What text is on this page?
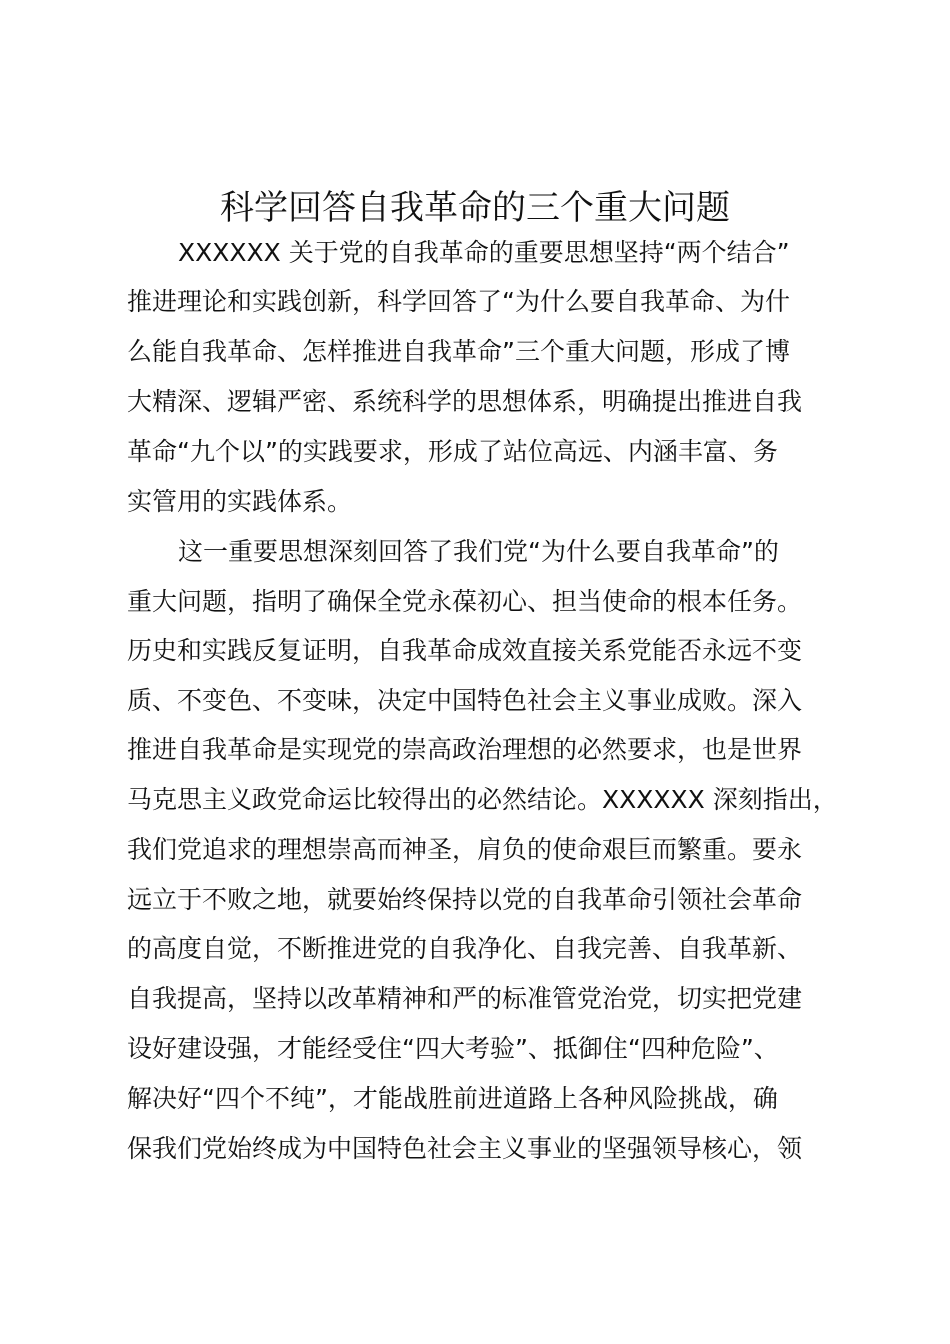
科学回答自我革命的三个重大问题

XXXXXX 关于党的自我革命的重要思想坚持“两个结合”

推进理论和实践创新，科学回答了“为什么要自我革命、为什

么能自我革命、怎样推进自我革命”三个重大问题，形成了博

大精深、逻辑严密、系统科学的思想体系，明确提出推进自我

革命“九个以”的实践要求，形成了站位高远、内涵丰富、务

实管用的实践体系。

这一重要思想深刻回答了我们党“为什么要自我革命”的

重大问题，指明了确保全党永葆初心、担当使命的根本任务。

历史和实践反复证明，自我革命成效直接关系党能否永远不变

质、不变色、不变味，决定中国特色社会主义事业成败。深入

推进自我革命是实现党的崇高政治理想的必然要求，也是世界

马克思主义政党命运比较得出的必然结论。XXXXXX 深刻指出，

我们党追求的理想崇高而神圣，肩负的使命艰巨而繁重。要永

远立于不败之地，就要始终保持以党的自我革命引领社会革命

的高度自觉，不断推进党的自我净化、自我完善、自我革新、

自我提高，坚持以改革精神和严的标准管党治党，切实把党建

设好建设强，才能经受住“四大考验”、抵御住“四种危险”、

解决好“四个不纯”，才能战胜前进道路上各种风险挑战，确

保我们党始终成为中国特色社会主义事业的坚强领导核心，领
